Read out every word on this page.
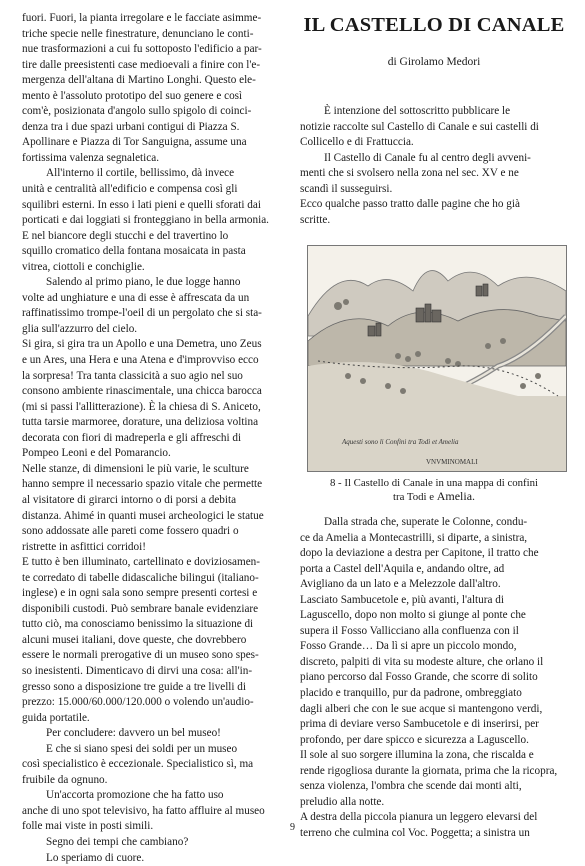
fuori. Fuori, la pianta irregolare e le facciate asimme-
triche specie nelle finestrature, denunciano le conti-
nue trasformazioni a cui fu sottoposto l'edificio a par-
tire dalle preesistenti case medioevali a finire con l'e-
mergenza dell'altana di Martino Longhi. Questo ele-
mento è l'assoluto prototipo del suo genere e così
com'è, posizionata d'angolo sullo spigolo di coinci-
denza tra i due spazi urbani contigui di Piazza S.
Apollinare e Piazza di Tor Sanguigna, assume una
fortissima valenza segnaletica.

All'interno il cortile, bellissimo, dà invece
unità e centralità all'edificio e compensa così gli
squilibri esterni. In esso i lati pieni e quelli sforati dai
porticati e dai loggiati si fronteggiano in bella armonia.
E nel biancore degli stucchi e del travertino lo
squillo cromatico della fontana mosaicata in pasta
vitrea, ciottoli e conchiglie.

Salendo al primo piano, le due logge hanno
volte ad unghiature e una di esse è affrescata da un
raffinatissimo trompe-l'oeil di un pergolato che si sta-
glia sull'azzurro del cielo.

Si gira, si gira tra un Apollo e una Demetra, uno Zeus
e un Ares, una Hera e una Atena e d'improvviso ecco
la sorpresa! Tra tanta classicità a suo agio nel suo
consono ambiente rinascimentale, una chicca barocca
(mi si passi l'allitterazione). È la chiesa di S. Aniceto,
tutta tarsie marmoree, dorature, una deliziosa voltina
decorata con fiori di madreperla e gli affreschi di
Pompeo Leoni e del Pomarancio.

Nelle stanze, di dimensioni le più varie, le sculture
hanno sempre il necessario spazio vitale che permette
al visitatore di girarci intorno o di porsi a debita
distanza. Ahimé in quanti musei archeologici le statue
sono addossate alle pareti come fossero quadri o
ristrette in asfittici corridoi!

E tutto è ben illuminato, cartellinato e doviziosamen-
te corredato di tabelle didascaliche bilingui (italiano-
inglese) e in ogni sala sono sempre presenti cortesi e
disponibili custodi. Può sembrare banale evidenziare
tutto ciò, ma conosciamo benissimo la situazione di
alcuni musei italiani, dove queste, che dovrebbero
essere le normali prerogative di un museo sono spes-
so inesistenti. Dimenticavo di dirvi una cosa: all'in-
gresso sono a disposizione tre guide a tre livelli di
prezzo: 15.000/60.000/120.000 o volendo un'audio-
guida portatile.

Per concludere: davvero un bel museo!

E che si siano spesi dei soldi per un museo
così specialistico è eccezionale. Specialistico sì, ma
fruibile da ognuno.

Un'accorta promozione che ha fatto uso
anche di uno spot televisivo, ha fatto affluire al museo
folle mai viste in posti simili.

Segno dei tempi che cambiano?

Lo speriamo di cuore.

IL CASTELLO DI CANALE

di Girolamo Medori

È intenzione del sottoscritto pubblicare le
notizie raccolte sul Castello di Canale e sui castelli di
Collicello e di Frattuccia.

Il Castello di Canale fu al centro degli avveni-
menti che si svolsero nella zona nel sec. XV e ne
scandì il susseguirsi.

Ecco qualche passo tratto dalle pagine che ho già
scritte.

Aquesti sono li Confini tra Todi et Amelia
VNVMINOMALI

8 - Il Castello di Canale in una mappa di confini
tra Todi e Amelia.

Dalla strada che, superate le Colonne, condu-
ce da Amelia a Montecastrilli, si diparte, a sinistra,
dopo la deviazione a destra per Capitone, il tratto che
porta a Castel dell'Aquila e, andando oltre, ad
Avigliano da un lato e a Melezzole dall'altro.

Lasciato Sambucetole e, più avanti, l'altura di
Laguscello, dopo non molto si giunge al ponte che
supera il Fosso Vallicciano alla confluenza con il
Fosso Grande… Da lì si apre un piccolo mondo,
discreto, palpiti di vita su modeste alture, che orlano il
piano percorso dal Fosso Grande, che scorre di solito
placido e tranquillo, pur da padrone, ombreggiato
dagli alberi che con le sue acque si mantengono verdi,
prima di deviare verso Sambucetole e di inserirsi, per
profondo, per dare spicco e sicurezza a Laguscello.

Il sole al suo sorgere illumina la zona, che riscalda e
rende rigogliosa durante la giornata, prima che la ricopra,
senza violenza, l'ombra che scende dai monti alti,
preludio alla notte.

A destra della piccola pianura un leggero elevarsi del
terreno che culmina col Voc. Poggetta; a sinistra un

9
